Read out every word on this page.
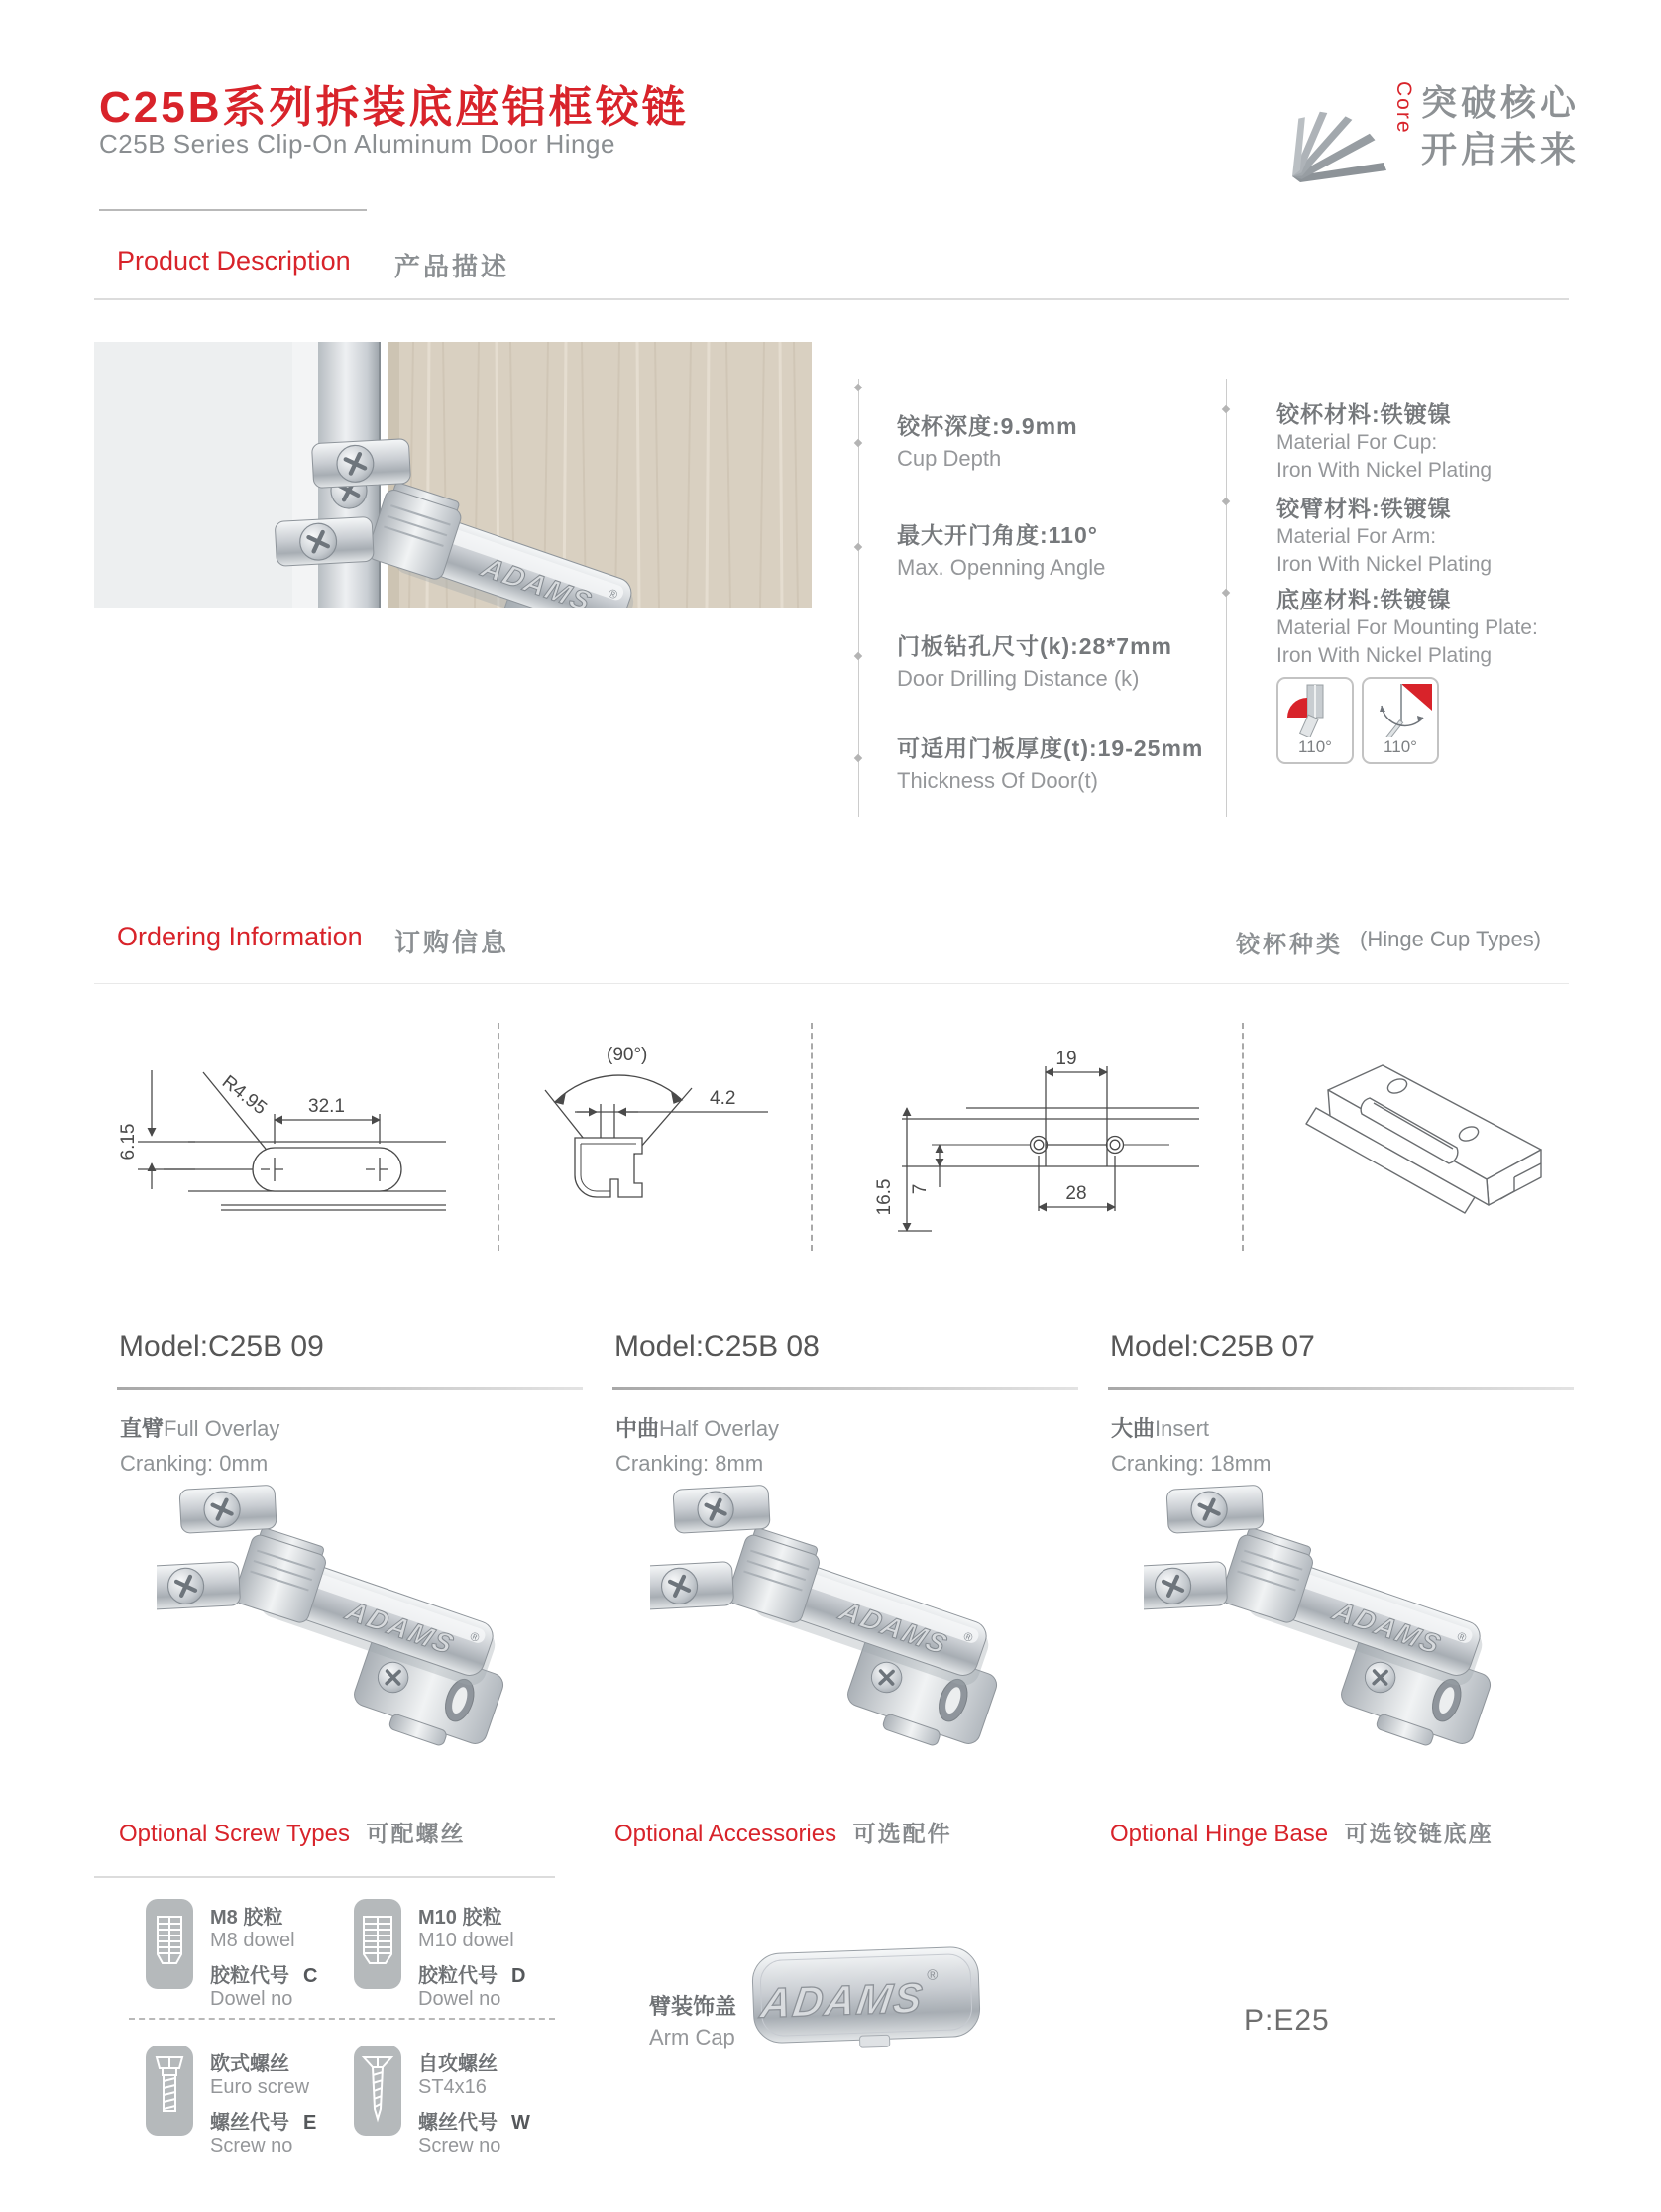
C25B系列拆装底座铝框铰链
C25B Series Clip-On Aluminum Door Hinge
Core 突破核心
开启未来
Product Description 产品描述
铰杯深度:9.9mm
Cup Depth
最大开门角度:110°
Max. Openning Angle
门板钻孔尺寸(k):28*7mm
Door Drilling Distance (k)
可适用门板厚度(t):19-25mm
Thickness Of Door(t)
铰杯材料:铁镀镍
Material For Cup:
Iron With Nickel Plating
铰臂材料:铁镀镍
Material For Arm:
Iron With Nickel Plating
底座材料:铁镀镍
Material For Mounting Plate:
Iron With Nickel Plating
110°	110°
Ordering Information 订购信息	铰杯种类 (Hinge Cup Types)
6.15
R4.95 32.1
(90°)
4.2
19
28
16.5 7
Model:C25B 09
直臂Full Overlay
Cranking: 0mm
Model:C25B 08
中曲Half Overlay
Cranking: 8mm
Model:C25B 07
大曲Insert
Cranking: 18mm
Optional Screw Types 可配螺丝	Optional Accessories 可选配件	Optional Hinge Base 可选铰链底座
M8 胶粒
M8 dowel
胶粒代号 C
Dowel no
M10 胶粒
M10 dowel
胶粒代号 D
Dowel no
欧式螺丝
Euro screw
螺丝代号 E
Screw no
自攻螺丝
ST4x16
螺丝代号 W
Screw no
臂装饰盖
Arm Cap
P:E25
